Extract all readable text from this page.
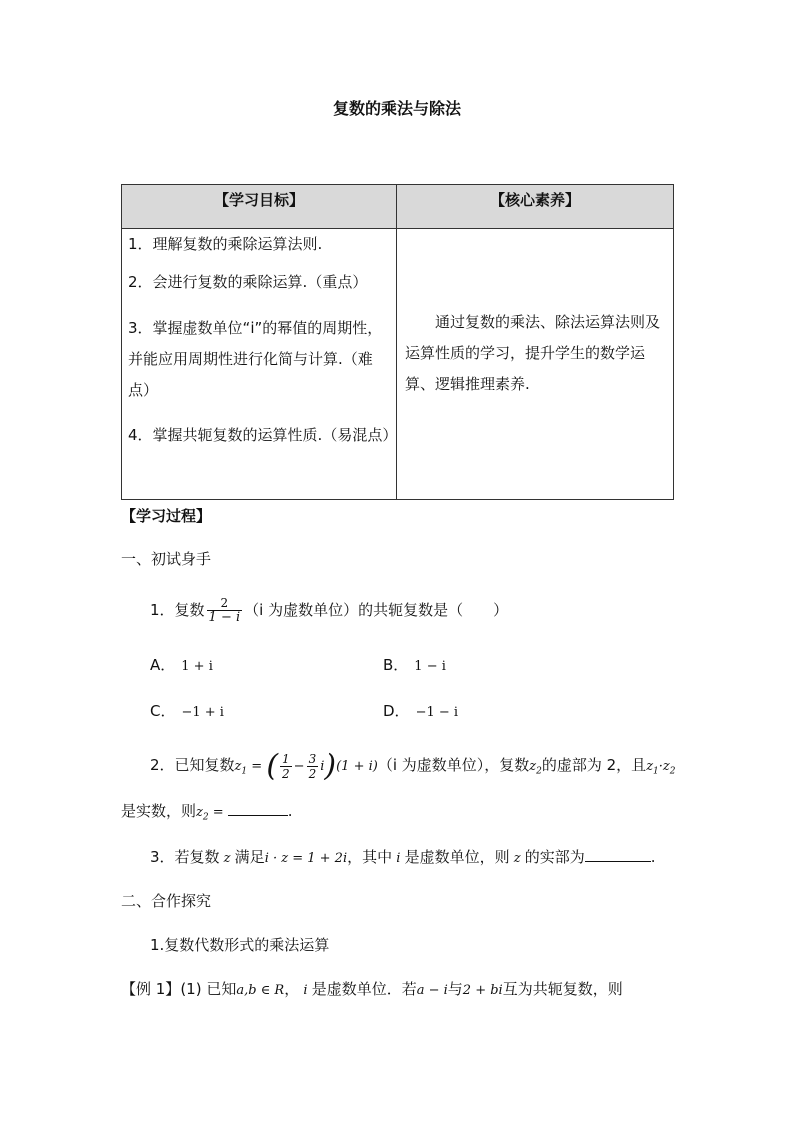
复数的乘法与除法
【学习目标】	【核心素养】

1．理解复数的乘除运算法则.
2．会进行复数的乘除运算.（重点）
3．掌握虚数单位“i”的幂值的周期性，并能应用周期性进行化简与计算.（难点）
4．掌握共轭复数的运算性质.（易混点）	通过复数的乘法、除法运算法则及运算性质的学习，提升学生的数学运算、逻辑推理素养.
【学习过程】
一、初试身手
1．复数 $\frac{2}{1 - i} (i$ 为虚数单位）的共轭复数是（　　）
A． 1 + i	B． 1 − i
C． −1 + i	D． −1 − i
2．已知复数$z_1$ = ( $\frac{1}{2} - \frac{3}{2} i)(1 + i)(i$ 为虚数单位），复数$z_2$的虚部为 2，且$z_1\cdot z_2$
是实数，则$z_2$ =	.
3．若复数 z 满足i · z = 1 + 2i，其中 i 是虚数单位，则 z 的实部为	.
二、合作探究
1.复数代数形式的乘法运算
【例 1】(1) 已知a,b ∈ R， i 是虚数单位．若a − i与2 + bi互为共轭复数，则
